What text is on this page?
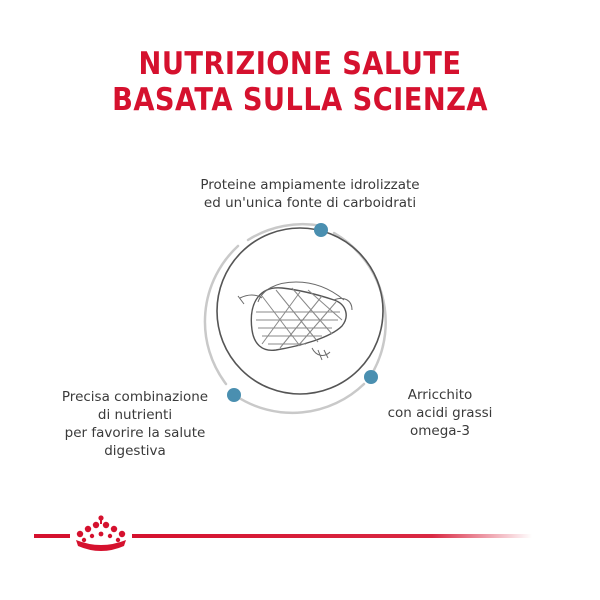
NUTRIZIONE SALUTE
BASATA SULLA SCIENZA
Proteine ampiamente idrolizzate
ed un'unica fonte di carboidrati
Precisa combinazione
di nutrienti
per favorire la salute
digestiva
Arricchito
con acidi grassi
omega-3
